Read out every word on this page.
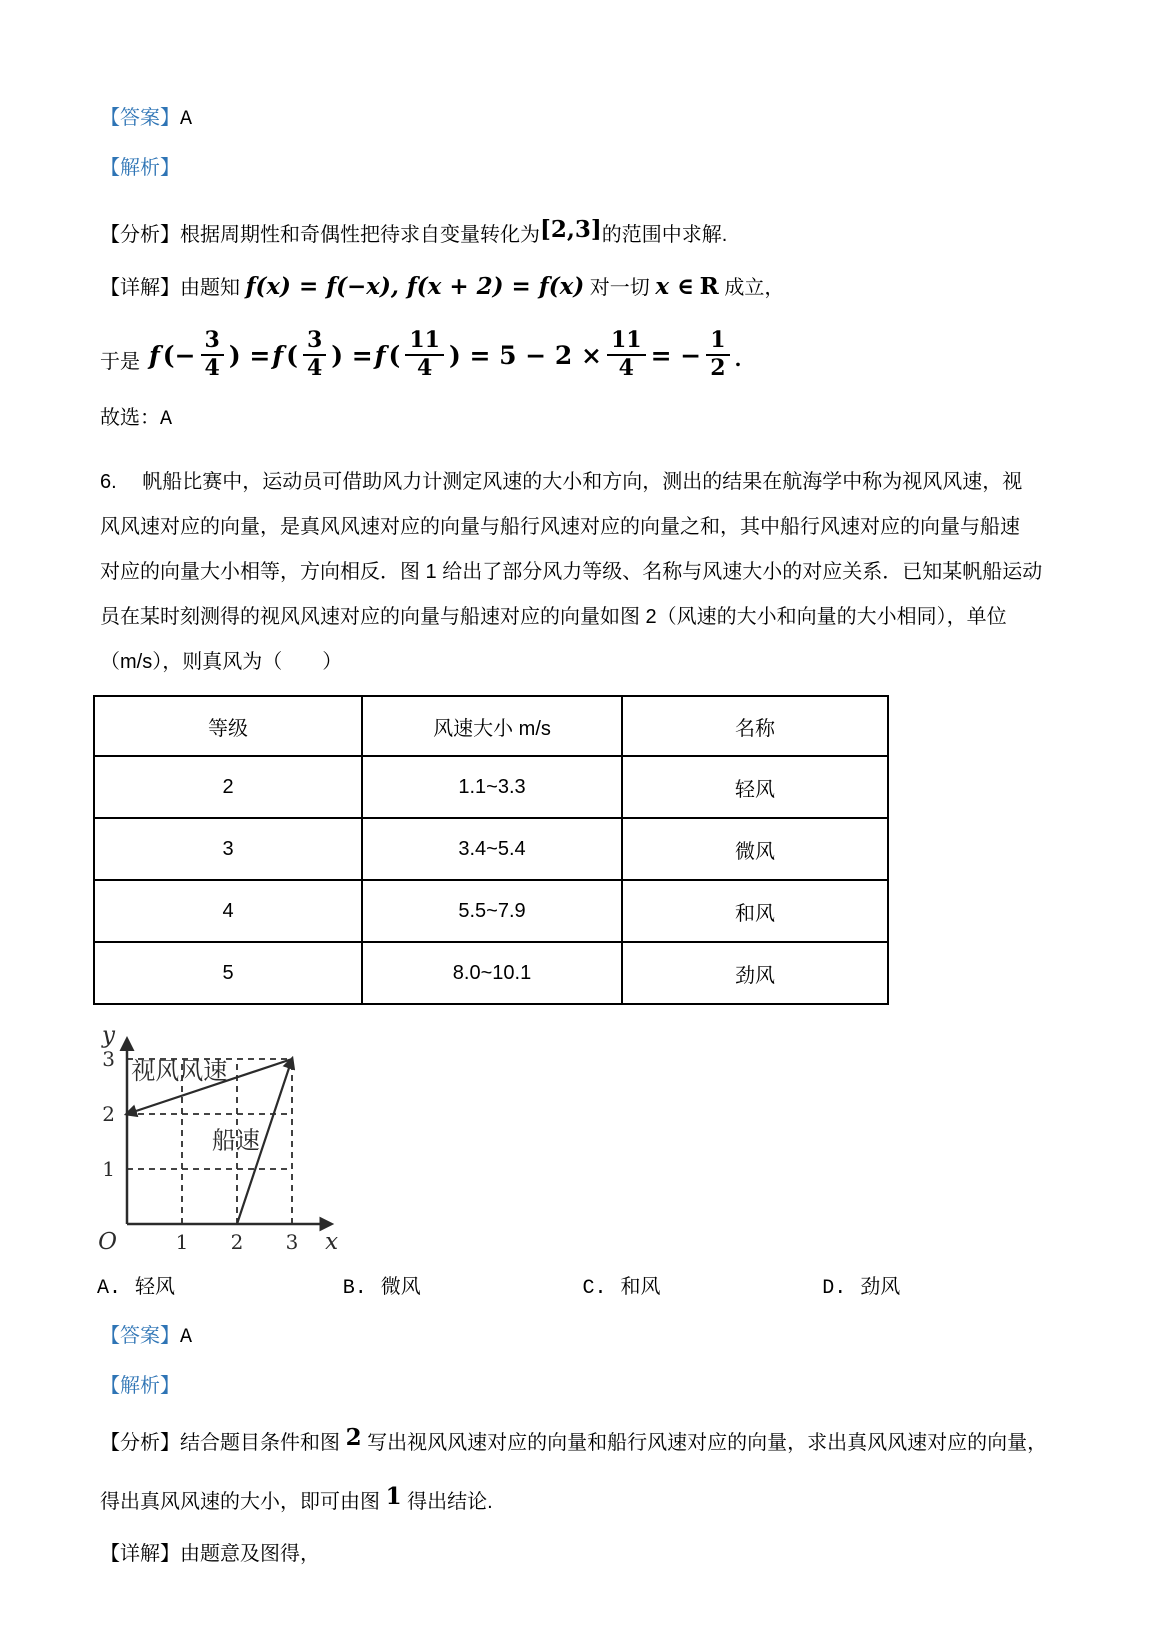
【答案】A
【解析】
【分析】根据周期性和奇偶性把待求自变量转化为[2,3]的范围中求解.
【详解】由题知 f(x) = f(−x), f(x + 2) = f(x) 对一切 x ∈ R 成立，
于是 f (− $\frac{3}{4}$ ) = f ( $\frac{3}{4}$ ) = f ( $\frac{11}{4}$ ) = $5 - 2 \times \frac{11}{4}$ = − $\frac{1}{2}$ .
故选：A
6.　 帆船比赛中，运动员可借助风力计测定风速的大小和方向，测出的结果在航海学中称为视风风速，视
风风速对应的向量，是真风风速对应的向量与船行风速对应的向量之和，其中船行风速对应的向量与船速
对应的向量大小相等，方向相反．图 1 给出了部分风力等级、名称与风速大小的对应关系．已知某帆船运动
员在某时刻测得的视风风速对应的向量与船速对应的向量如图 2（风速的大小和向量的大小相同），单位
（m/s），则真风为（　　）
等级	风速大小 m/s	名称
2	1.1~3.3	轻风
3	3.4~5.4	微风
4	5.5~7.9	和风
5	8.0~10.1	劲风
1 2 3
1
2
3 视风风速
船速
x
y
O
A. 轻风	B. 微风	C. 和风	D. 劲风
【答案】A
【解析】
【分析】结合题目条件和图 2 写出视风风速对应的向量和船行风速对应的向量，求出真风风速对应的向量，
得出真风风速的大小，即可由图 1 得出结论.
【详解】由题意及图得，
